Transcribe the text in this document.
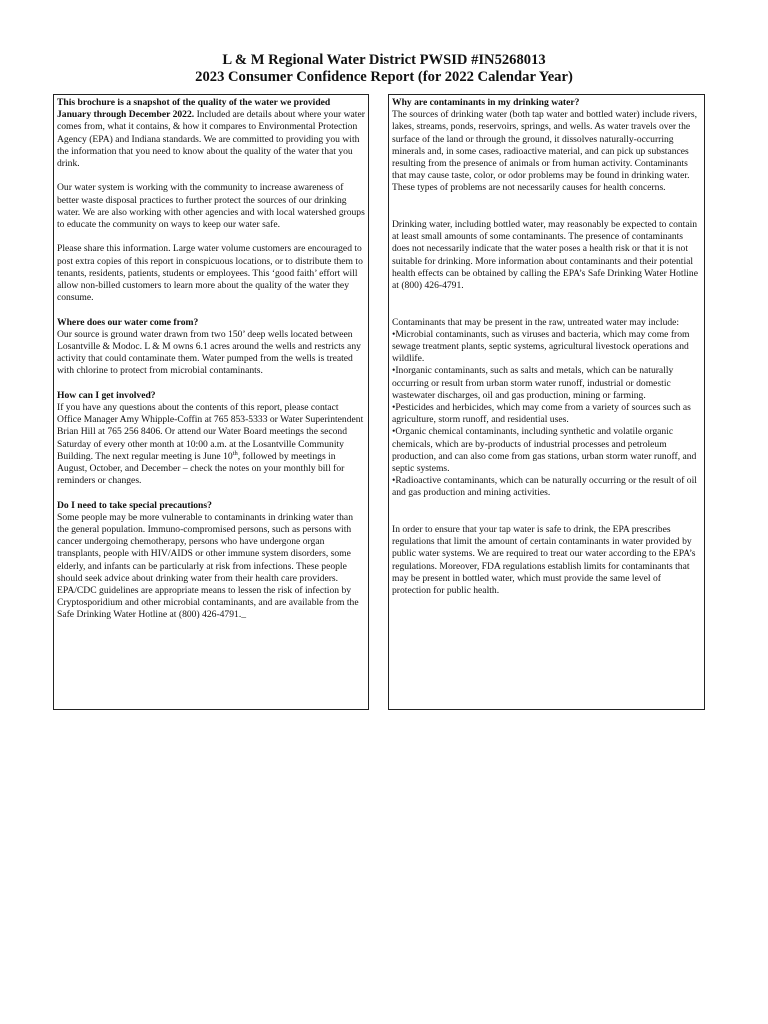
L & M Regional Water District PWSID #IN5268013
2023 Consumer Confidence Report (for 2022 Calendar Year)

This brochure is a snapshot of the quality of the water we provided January through December 2022. Included are details about where your water comes from, what it contains, & how it compares to Environmental Protection Agency (EPA) and Indiana standards. We are committed to providing you with the information that you need to know about the quality of the water that you drink.

Our water system is working with the community to increase awareness of better waste disposal practices to further protect the sources of our drinking water. We are also working with other agencies and with local watershed groups to educate the community on ways to keep our water safe.

Please share this information. Large water volume customers are encouraged to post extra copies of this report in conspicuous locations, or to distribute them to tenants, residents, patients, students or employees. This ‘good faith’ effort will allow non-billed customers to learn more about the quality of the water they consume.

Where does our water come from?

Our source is ground water drawn from two 150’ deep wells located between Losantville & Modoc. L & M owns 6.1 acres around the wells and restricts any activity that could contaminate them. Water pumped from the wells is treated with chlorine to protect from microbial contaminants.

How can I get involved?

If you have any questions about the contents of this report, please contact Office Manager Amy Whipple-Coffin at 765 853-5333 or Water Superintendent Brian Hill at 765 256 8406. Or attend our Water Board meetings the second Saturday of every other month at 10:00 a.m. at the Losantville Community Building. The next regular meeting is June 10th, followed by meetings in August, October, and December – check the notes on your monthly bill for reminders or changes.

Do I need to take special precautions?

Some people may be more vulnerable to contaminants in drinking water than the general population. Immuno-compromised persons, such as persons with cancer undergoing chemotherapy, persons who have undergone organ transplants, people with HIV/AIDS or other immune system disorders, some elderly, and infants can be particularly at risk from infections. These people should seek advice about drinking water from their health care providers. EPA/CDC guidelines are appropriate means to lessen the risk of infection by Cryptosporidium and other microbial contaminants, and are available from the Safe Drinking Water Hotline at (800) 426-4791._

Why are contaminants in my drinking water?

The sources of drinking water (both tap water and bottled water) include rivers, lakes, streams, ponds, reservoirs, springs, and wells. As water travels over the surface of the land or through the ground, it dissolves naturally-occurring minerals and, in some cases, radioactive material, and can pick up substances resulting from the presence of animals or from human activity. Contaminants that may cause taste, color, or odor problems may be found in drinking water. These types of problems are not necessarily causes for health concerns.

Drinking water, including bottled water, may reasonably be expected to contain at least small amounts of some contaminants. The presence of contaminants does not necessarily indicate that the water poses a health risk or that it is not suitable for drinking. More information about contaminants and their potential health effects can be obtained by calling the EPA’s Safe Drinking Water Hotline at (800) 426-4791.

Contaminants that may be present in the raw, untreated water may include:

•Microbial contaminants, such as viruses and bacteria, which may come from sewage treatment plants, septic systems, agricultural livestock operations and wildlife.

•Inorganic contaminants, such as salts and metals, which can be naturally occurring or result from urban storm water runoff, industrial or domestic wastewater discharges, oil and gas production, mining or farming.

•Pesticides and herbicides, which may come from a variety of sources such as agriculture, storm runoff, and residential uses.

•Organic chemical contaminants, including synthetic and volatile organic chemicals, which are by-products of industrial processes and petroleum production, and can also come from gas stations, urban storm water runoff, and septic systems.

•Radioactive contaminants, which can be naturally occurring or the result of oil and gas production and mining activities.

In order to ensure that your tap water is safe to drink, the EPA prescribes regulations that limit the amount of certain contaminants in water provided by public water systems. We are required to treat our water according to the EPA’s regulations. Moreover, FDA regulations establish limits for contaminants that may be present in bottled water, which must provide the same level of protection for public health.
